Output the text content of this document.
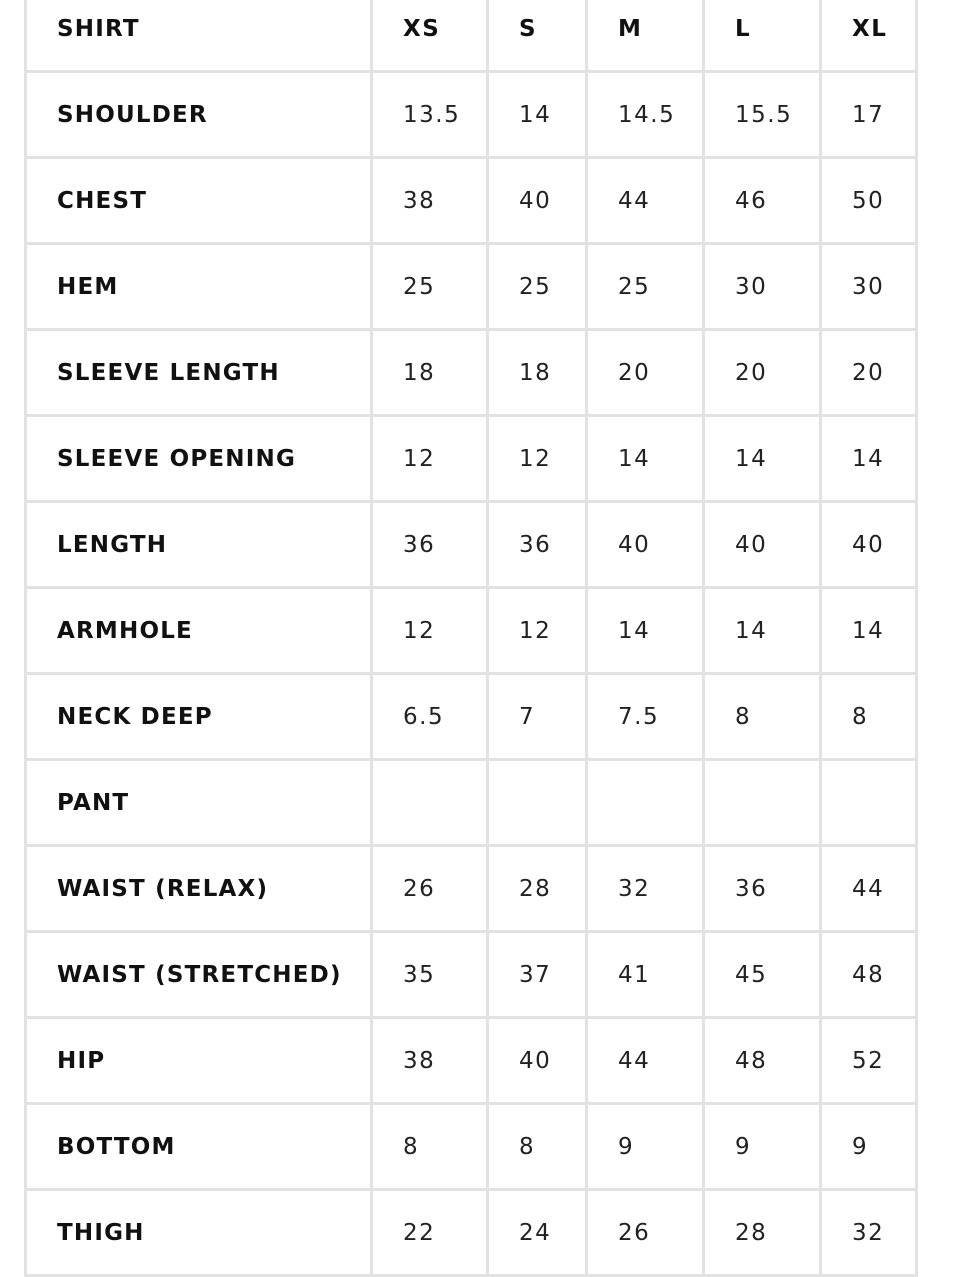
SHIRT	XS	S	M	L	XL
SHOULDER	13.5	14	14.5	15.5	17
CHEST	38	40	44	46	50
HEM	25	25	25	30	30
SLEEVE LENGTH	18	18	20	20	20
SLEEVE OPENING	12	12	14	14	14
LENGTH	36	36	40	40	40
ARMHOLE	12	12	14	14	14
NECK DEEP	6.5	7	7.5	8	8
PANT					
WAIST (RELAX)	26	28	32	36	44
WAIST (STRETCHED)	35	37	41	45	48
HIP	38	40	44	48	52
BOTTOM	8	8	9	9	9
THIGH	22	24	26	28	32
